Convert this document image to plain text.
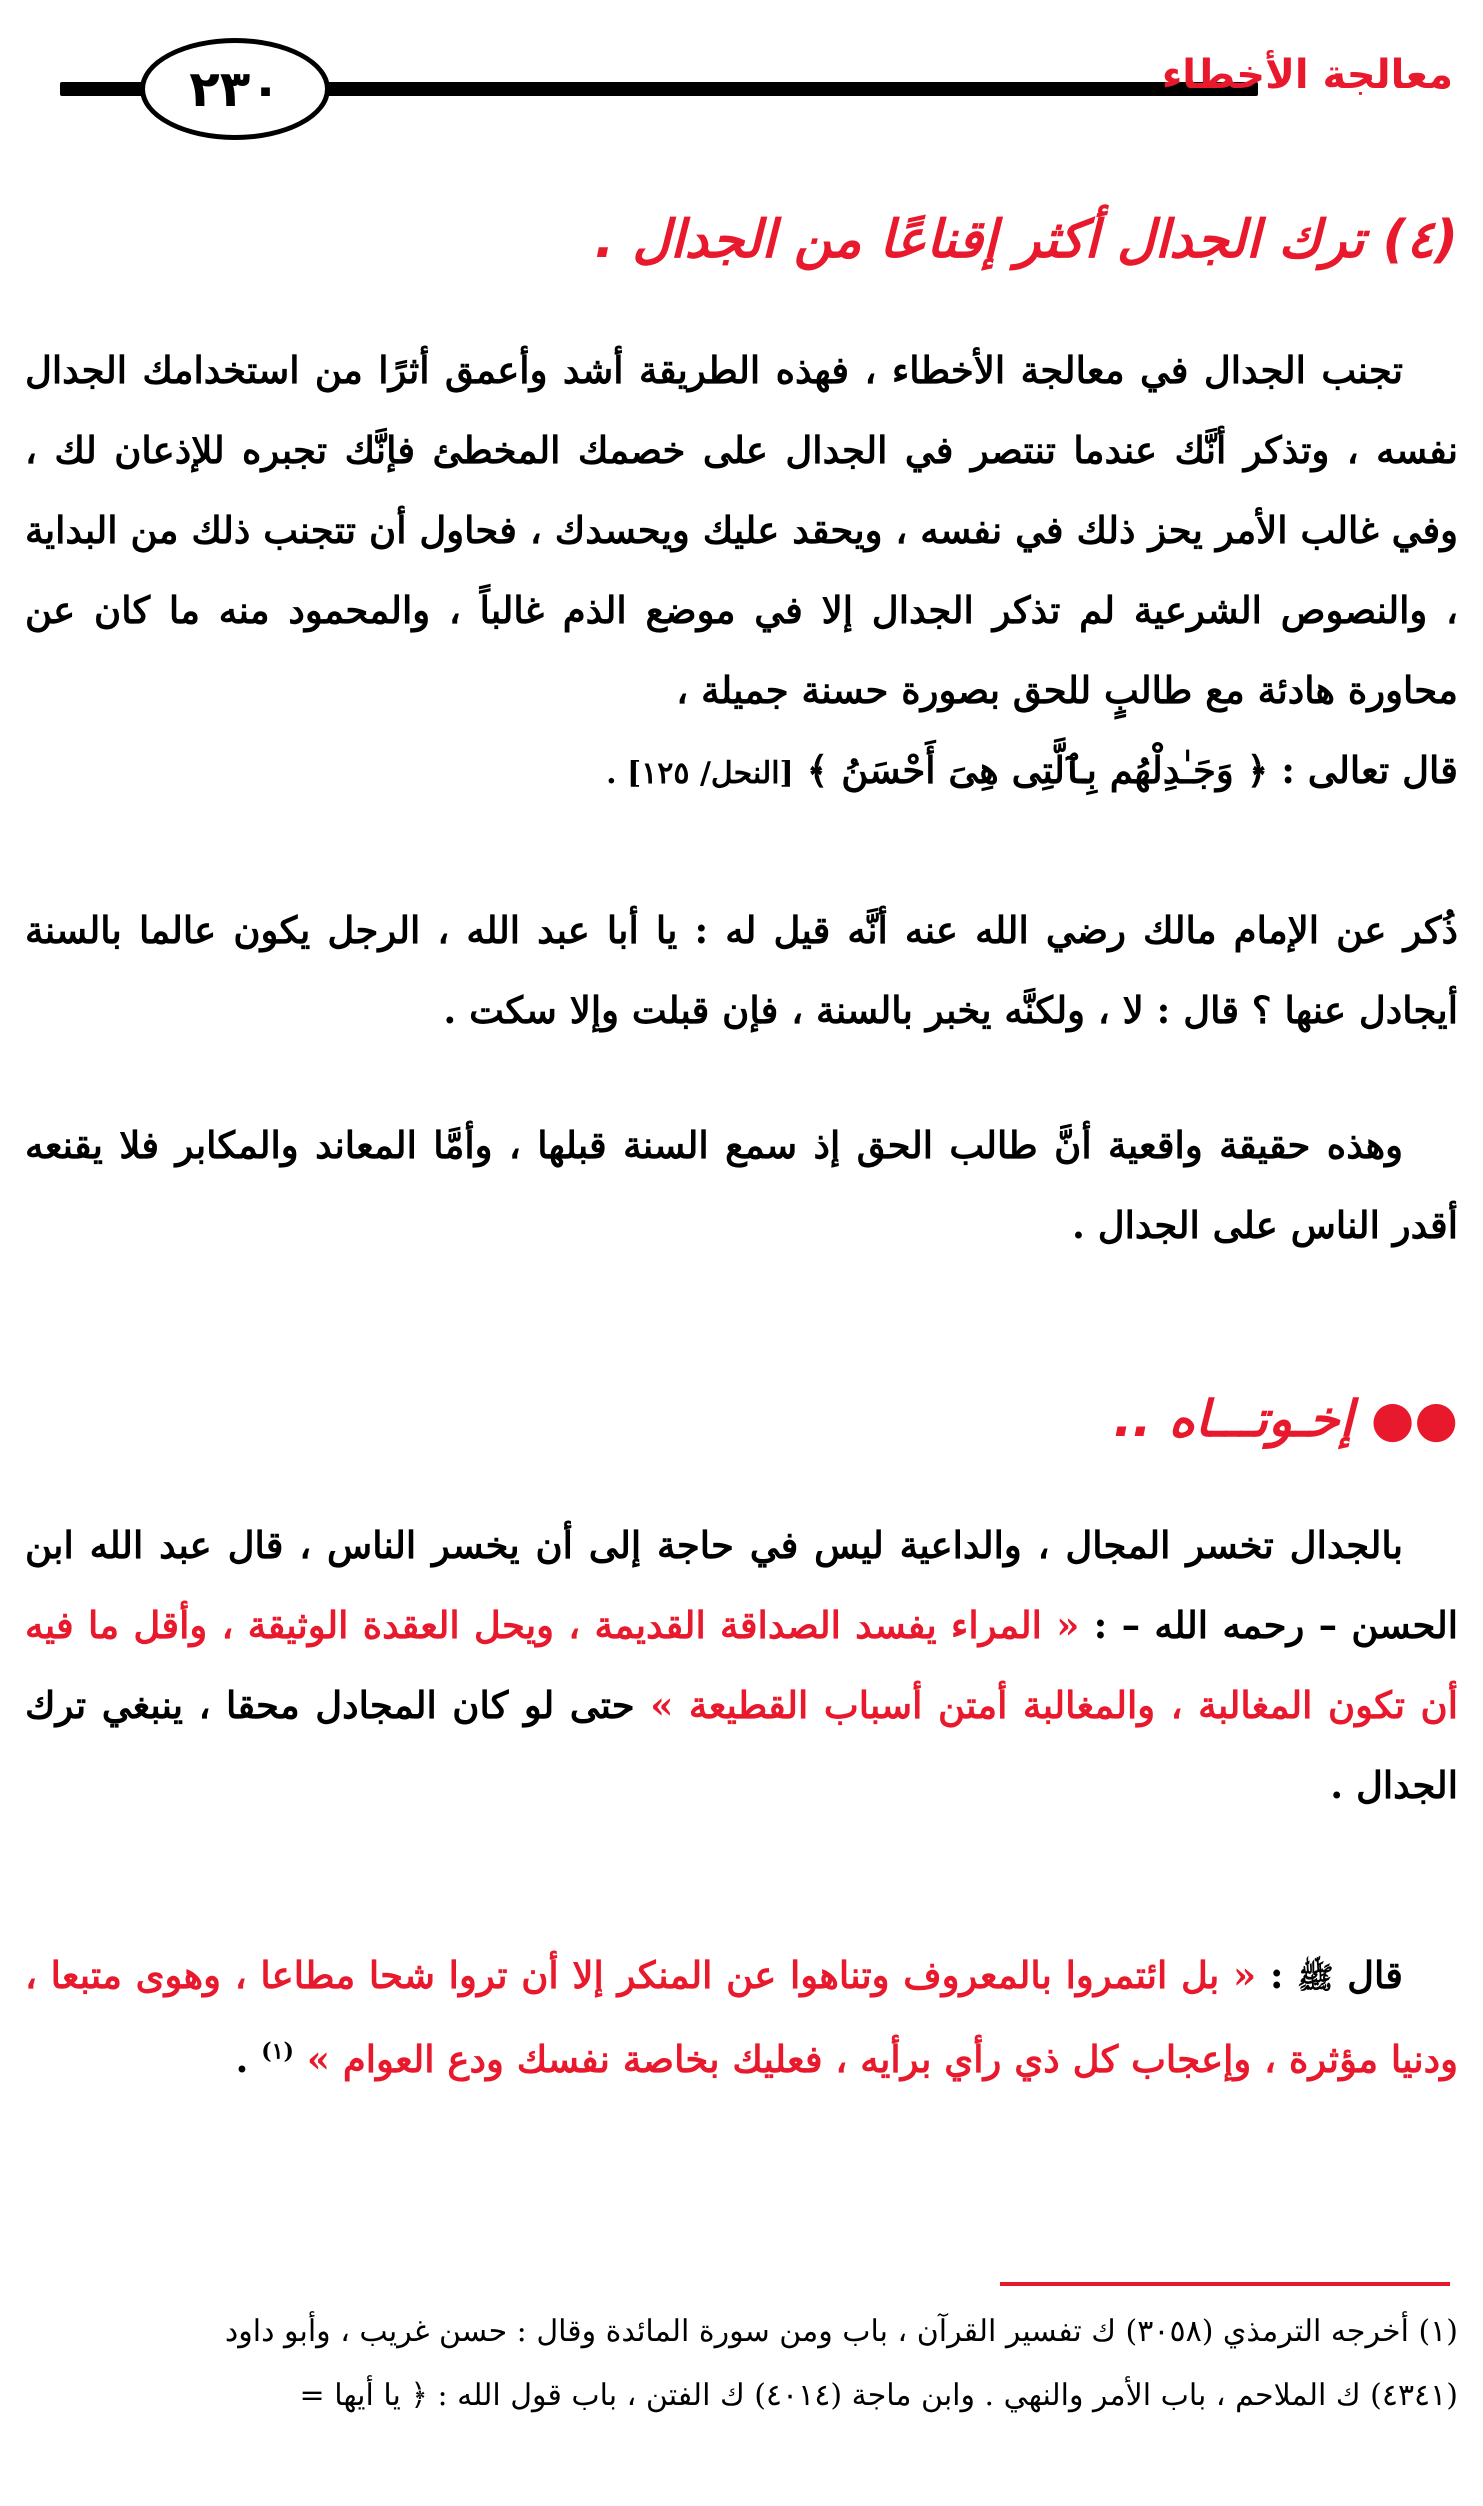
٢٣٠	معالجة الأخطاء
(٤) ترك الجدال أكثر إقناعًا من الجدال .
تجنب الجدال في معالجة الأخطاء ، فهذه الطريقة أشد وأعمق أثرًا من استخدامك الجدال نفسه ، وتذكر أنَّك عندما تنتصر في الجدال على خصمك المخطئ فإنَّك تجبره للإذعان لك ، وفي غالب الأمر يحز ذلك في نفسه ، ويحقد عليك ويحسدك ، فحاول أن تتجنب ذلك من البداية ، والنصوص الشرعية لم تذكر الجدال إلا في موضع الذم غالباً ، والمحمود منه ما كان عن محاورة هادئة مع طالبٍ للحق بصورة حسنة جميلة ،
قال تعالى : ﴿ وَجَـٰدِلْهُم بِٱلَّتِى هِىَ أَحْسَنُ ﴾ [النحل/ ١٢٥] .
ذُكر عن الإمام مالك رضي الله عنه أنَّه قيل له : يا أبا عبد الله ، الرجل يكون عالما بالسنة أيجادل عنها ؟ قال : لا ، ولكنَّه يخبر بالسنة ، فإن قبلت وإلا سكت .
وهذه حقيقة واقعية أنَّ طالب الحق إذ سمع السنة قبلها ، وأمَّا المعاند والمكابر فلا يقنعه أقدر الناس على الجدال .
●● إخـوتـــاه ..
بالجدال تخسر المجال ، والداعية ليس في حاجة إلى أن يخسر الناس ، قال عبد الله ابن الحسن – رحمه الله – : « المراء يفسد الصداقة القديمة ، ويحل العقدة الوثيقة ، وأقل ما فيه أن تكون المغالبة ، والمغالبة أمتن أسباب القطيعة » حتى لو كان المجادل محقا ، ينبغي ترك الجدال .
قال ﷺ : « بل ائتمروا بالمعروف وتناهوا عن المنكر إلا أن تروا شحا مطاعا ، وهوى متبعا ، ودنيا مؤثرة ، وإعجاب كل ذي رأي برأيه ، فعليك بخاصة نفسك ودع العوام » $^{(١)}$ .
(١) أخرجه الترمذي (٣٠٥٨) ك تفسير القرآن ، باب ومن سورة المائدة وقال : حسن غريب ، وأبو داود
(٤٣٤١) ك الملاحم ، باب الأمر والنهي . وابن ماجة (٤٠١٤) ك الفتن ، باب قول الله : ﴿ يا أيها =
